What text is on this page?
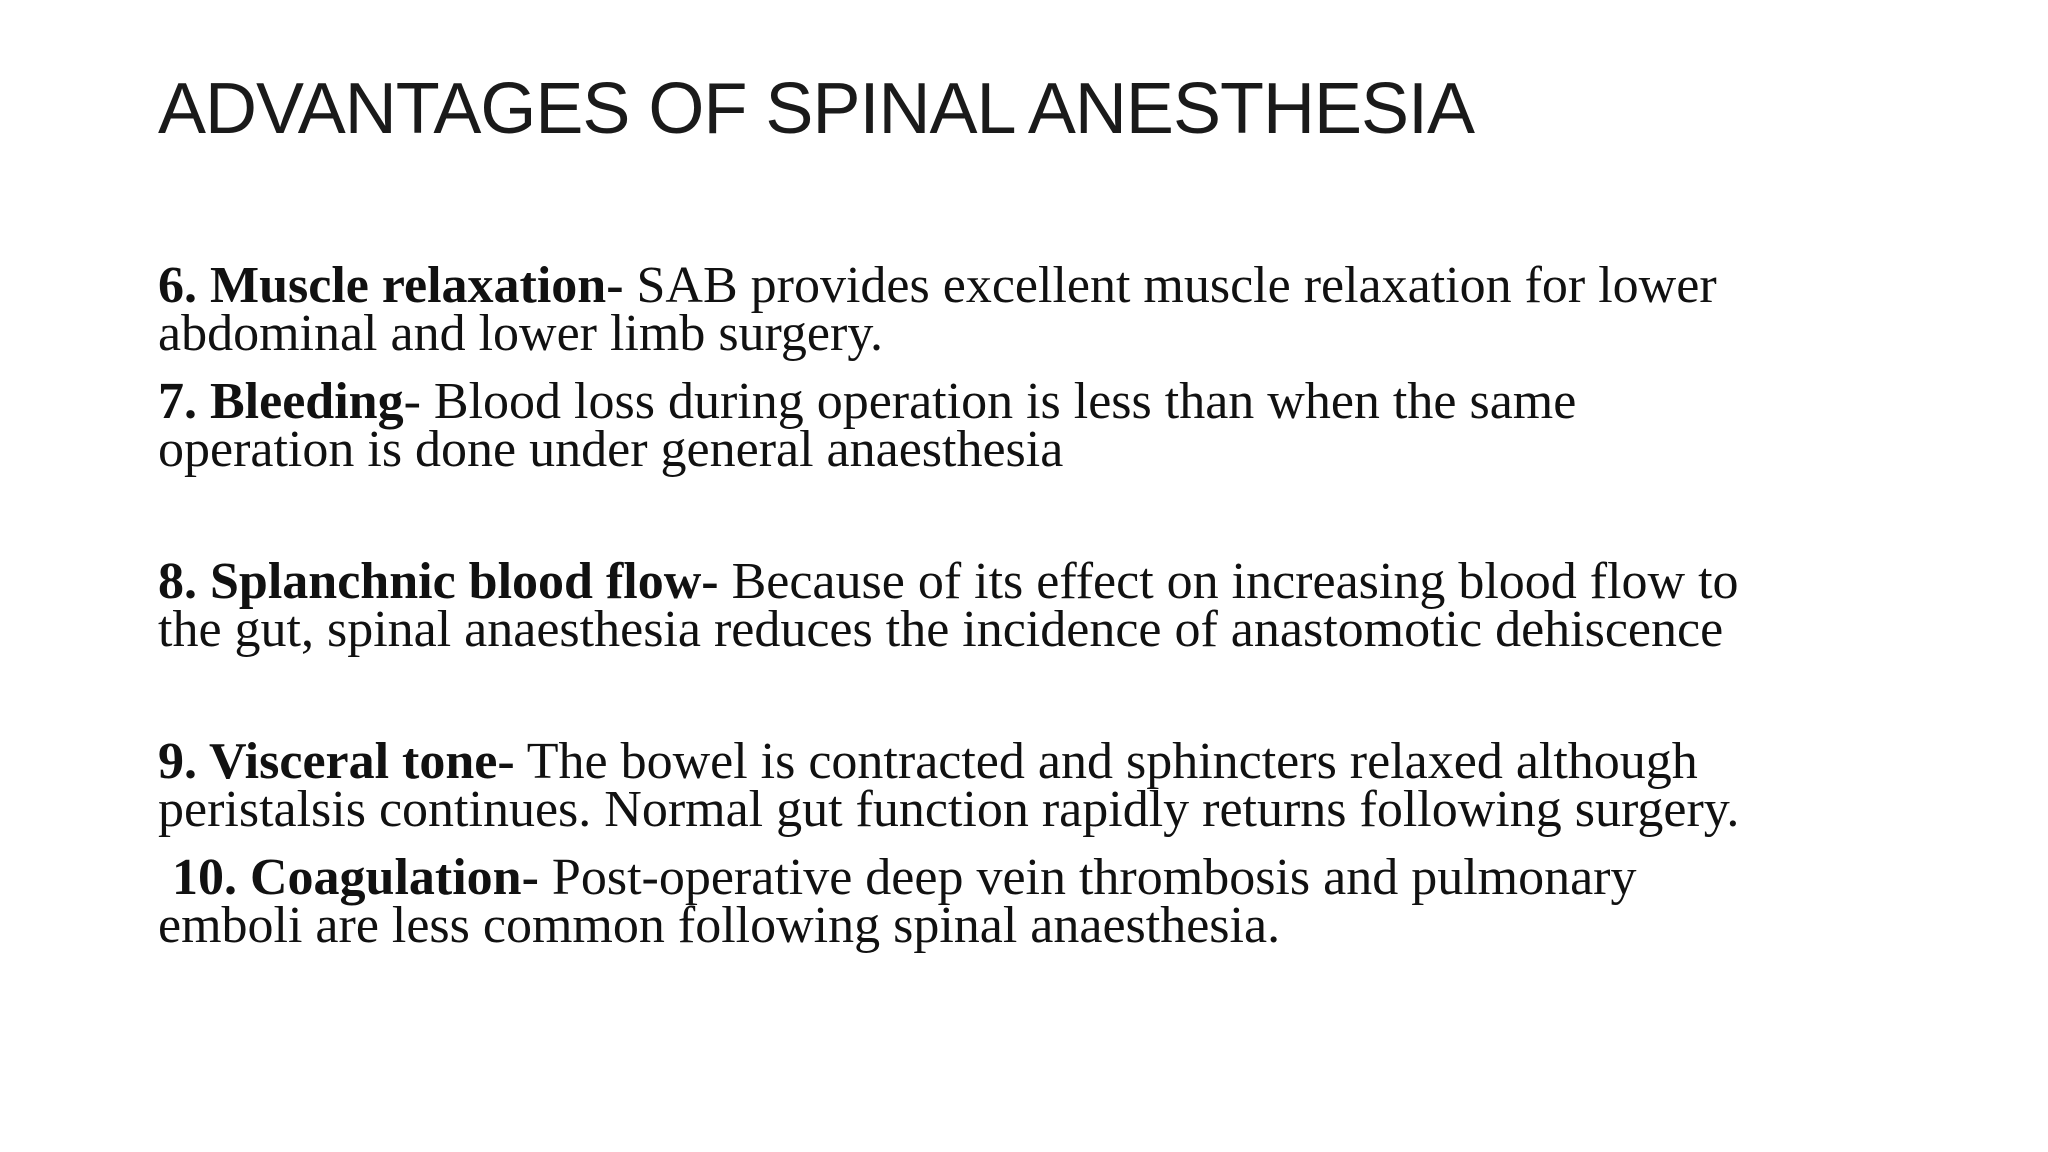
ADVANTAGES OF SPINAL ANESTHESIA

6. Muscle relaxation- SAB provides excellent muscle relaxation for lower
abdominal and lower limb surgery.

7. Bleeding- Blood loss during operation is less than when the same
operation is done under general anaesthesia

8. Splanchnic blood flow- Because of its effect on increasing blood flow to
the gut, spinal anaesthesia reduces the incidence of anastomotic dehiscence

9. Visceral tone- The bowel is contracted and sphincters relaxed although
peristalsis continues. Normal gut function rapidly returns following surgery.

10. Coagulation- Post-operative deep vein thrombosis and pulmonary
emboli are less common following spinal anaesthesia.
